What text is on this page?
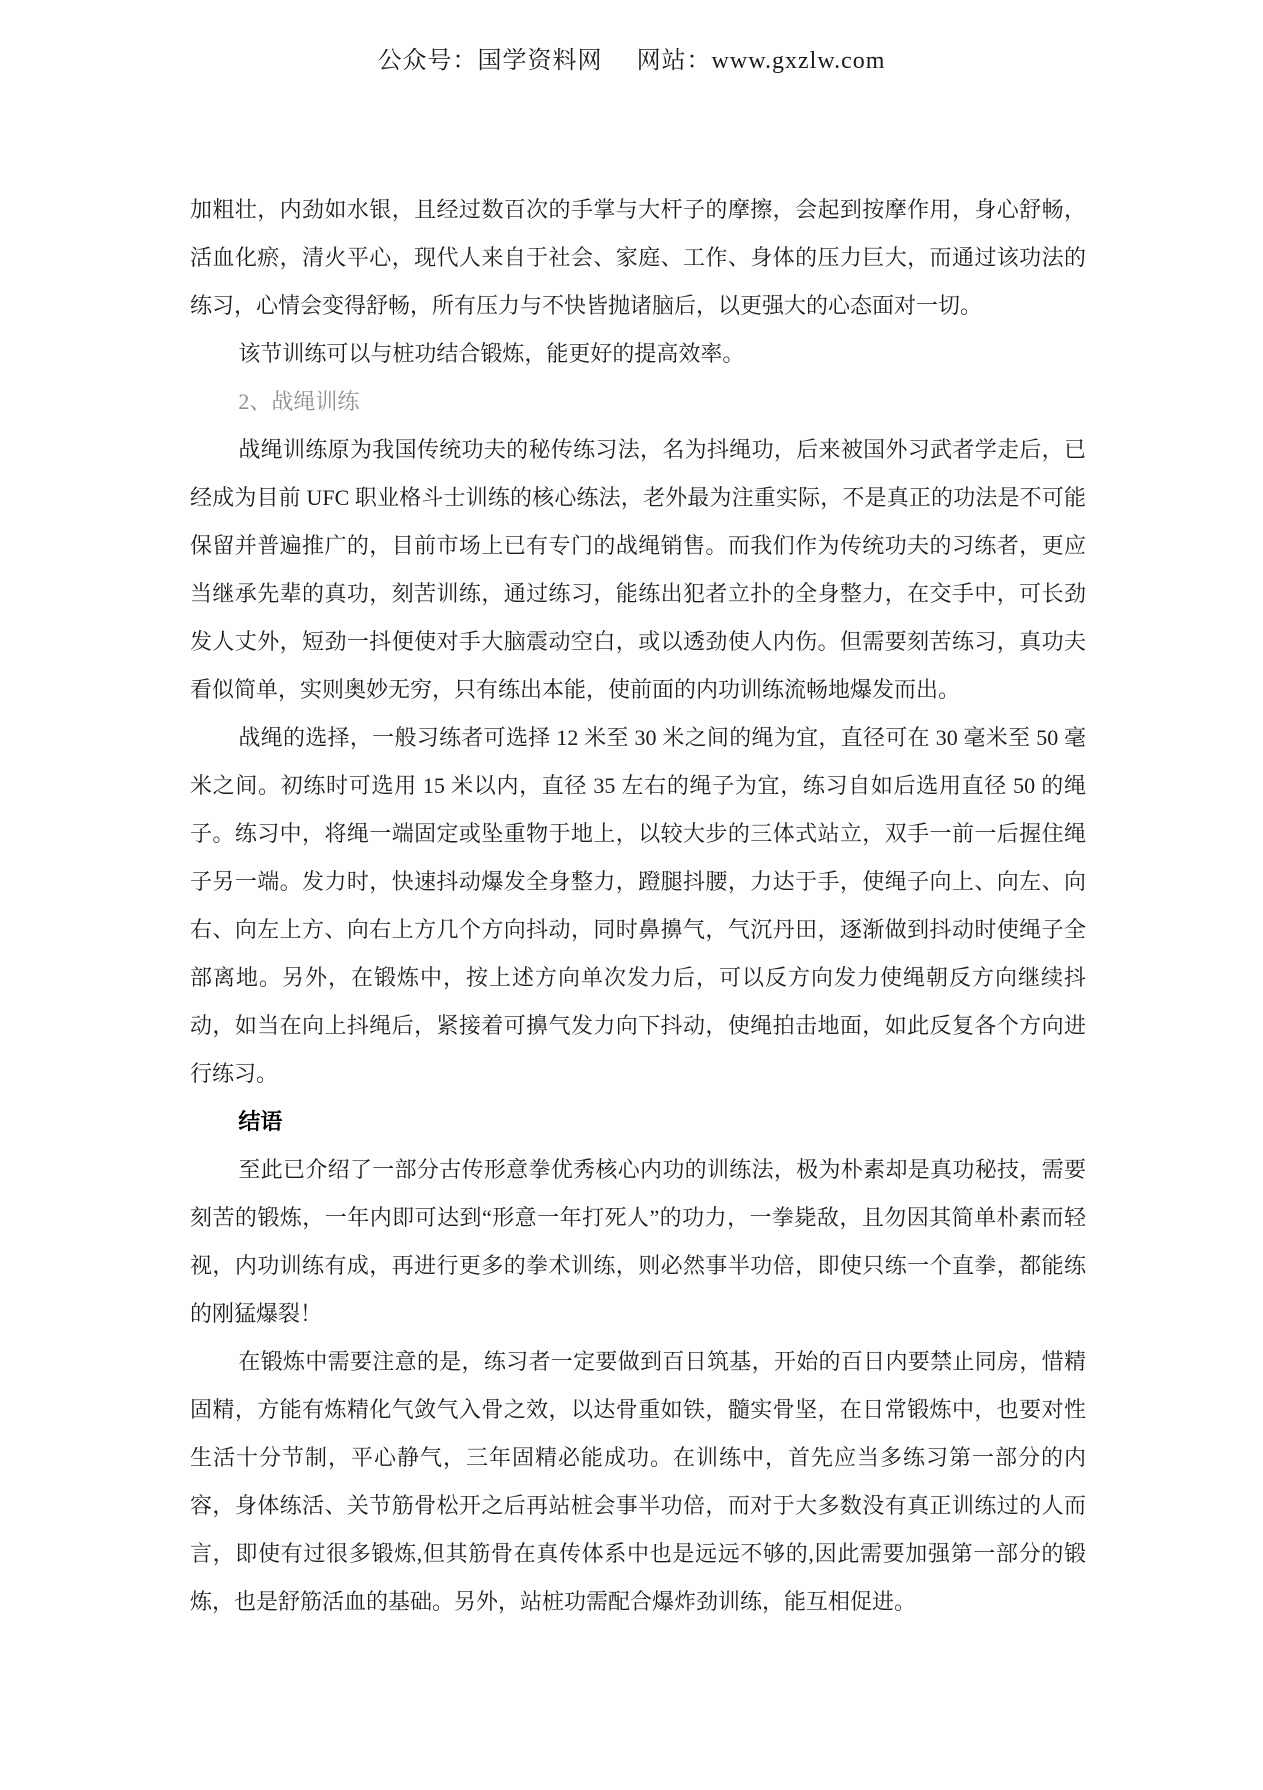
公众号：国学资料网 网站：www.gxzlw.com

加粗壮，内劲如水银，且经过数百次的手掌与大杆子的摩擦，会起到按摩作用，身心舒畅，活血化瘀，清火平心，现代人来自于社会、家庭、工作、身体的压力巨大，而通过该功法的练习，心情会变得舒畅，所有压力与不快皆抛诸脑后，以更强大的心态面对一切。

该节训练可以与桩功结合锻炼，能更好的提高效率。

2、战绳训练

战绳训练原为我国传统功夫的秘传练习法，名为抖绳功，后来被国外习武者学走后，已经成为目前 UFC 职业格斗士训练的核心练法，老外最为注重实际，不是真正的功法是不可能保留并普遍推广的，目前市场上已有专门的战绳销售。而我们作为传统功夫的习练者，更应当继承先辈的真功，刻苦训练，通过练习，能练出犯者立扑的全身整力，在交手中，可长劲发人丈外，短劲一抖便使对手大脑震动空白，或以透劲使人内伤。但需要刻苦练习，真功夫看似简单，实则奥妙无穷，只有练出本能，使前面的内功训练流畅地爆发而出。

战绳的选择，一般习练者可选择 12 米至 30 米之间的绳为宜，直径可在 30 毫米至 50 毫米之间。初练时可选用 15 米以内，直径 35 左右的绳子为宜，练习自如后选用直径 50 的绳子。练习中，将绳一端固定或坠重物于地上，以较大步的三体式站立，双手一前一后握住绳子另一端。发力时，快速抖动爆发全身整力，蹬腿抖腰，力达于手，使绳子向上、向左、向右、向左上方、向右上方几个方向抖动，同时鼻擤气，气沉丹田，逐渐做到抖动时使绳子全部离地。另外，在锻炼中，按上述方向单次发力后，可以反方向发力使绳朝反方向继续抖动，如当在向上抖绳后，紧接着可擤气发力向下抖动，使绳拍击地面，如此反复各个方向进行练习。

结语

至此已介绍了一部分古传形意拳优秀核心内功的训练法，极为朴素却是真功秘技，需要刻苦的锻炼，一年内即可达到“形意一年打死人”的功力，一拳毙敌，且勿因其简单朴素而轻视，内功训练有成，再进行更多的拳术训练，则必然事半功倍，即使只练一个直拳，都能练的刚猛爆裂！

在锻炼中需要注意的是，练习者一定要做到百日筑基，开始的百日内要禁止同房，惜精固精，方能有炼精化气敛气入骨之效，以达骨重如铁，髓实骨坚，在日常锻炼中，也要对性生活十分节制，平心静气，三年固精必能成功。在训练中，首先应当多练习第一部分的内容，身体练活、关节筋骨松开之后再站桩会事半功倍，而对于大多数没有真正训练过的人而言，即使有过很多锻炼,但其筋骨在真传体系中也是远远不够的,因此需要加强第一部分的锻炼，也是舒筋活血的基础。另外，站桩功需配合爆炸劲训练，能互相促进。
